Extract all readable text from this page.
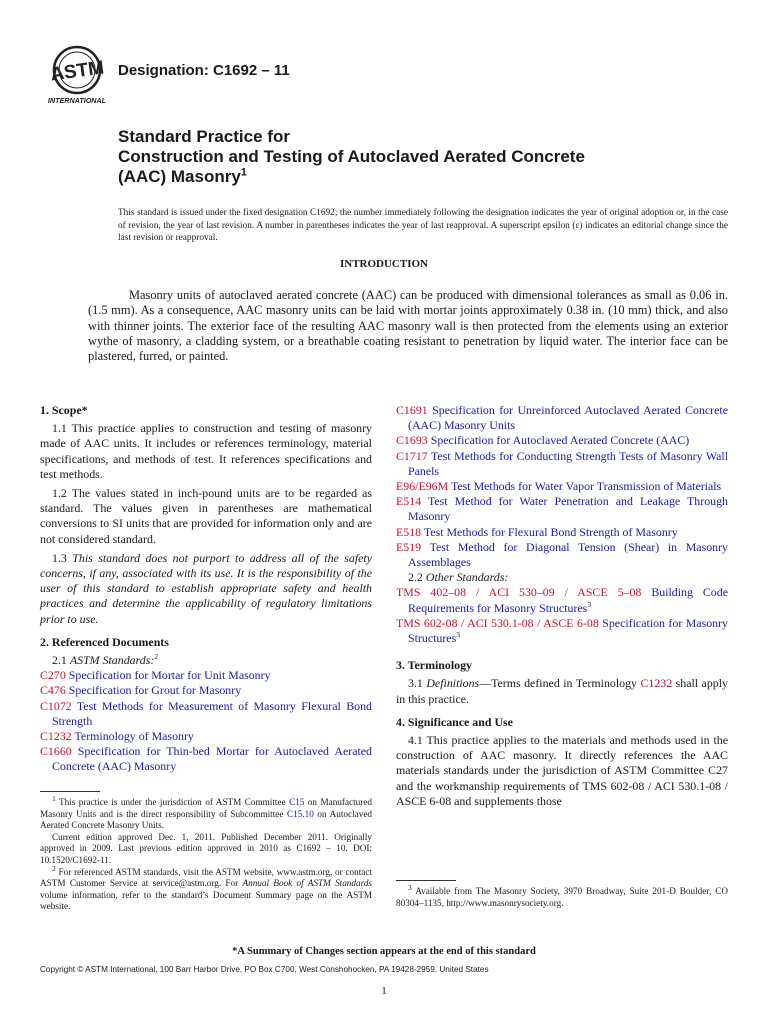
ASTM
INTERNATIONAL
Designation: C1692 – 11
Standard Practice for
Construction and Testing of Autoclaved Aerated Concrete
(AAC) Masonry$^1$
This standard is issued under the fixed designation C1692; the number immediately following the designation indicates the year of original adoption or, in the case of revision, the year of last revision. A number in parentheses indicates the year of last reapproval. A superscript epsilon (ε) indicates an editorial change since the last revision or reapproval.
INTRODUCTION
Masonry units of autoclaved aerated concrete (AAC) can be produced with dimensional tolerances as small as 0.06 in. (1.5 mm). As a consequence, AAC masonry units can be laid with mortar joints approximately 0.38 in. (10 mm) thick, and also with thinner joints. The exterior face of the resulting AAC masonry wall is then protected from the elements using an exterior wythe of masonry, a cladding system, or a breathable coating resistant to penetration by liquid water. The interior face can be plastered, furred, or painted.
1. Scope*

1.1 This practice applies to construction and testing of masonry made of AAC units. It includes or references terminology, material specifications, and methods of test. It references specifications and test methods.

1.2 The values stated in inch-pound units are to be regarded as standard. The values given in parentheses are mathematical conversions to SI units that are provided for information only and are not considered standard.

1.3 This standard does not purport to address all of the safety concerns, if any, associated with its use. It is the responsibility of the user of this standard to establish appropriate safety and health practices and determine the applicability of regulatory limitations prior to use.

2. Referenced Documents

2.1 ASTM Standards:$^2$

C270 Specification for Mortar for Unit Masonry

C476 Specification for Grout for Masonry

C1072 Test Methods for Measurement of Masonry Flexural Bond Strength

C1232 Terminology of Masonry

C1660 Specification for Thin-bed Mortar for Autoclaved Aerated Concrete (AAC) Masonry

$^1$ This practice is under the jurisdiction of ASTM Committee C15 on Manufactured Masonry Units and is the direct responsibility of Subcommittee C15.10 on Autoclaved Aerated Concrete Masonry Units.
Current edition approved Dec. 1, 2011. Published December 2011. Originally approved in 2009. Last previous edition approved in 2010 as C1692 – 10. DOI: 10.1520/C1692-11.
$^2$ For referenced ASTM standards, visit the ASTM website, www.astm.org, or contact ASTM Customer Service at service@astm.org. For Annual Book of ASTM Standards volume information, refer to the standard’s Document Summary page on the ASTM website.

C1691 Specification for Unreinforced Autoclaved Aerated Concrete (AAC) Masonry Units

C1693 Specification for Autoclaved Aerated Concrete (AAC)

C1717 Test Methods for Conducting Strength Tests of Masonry Wall Panels

E96/E96M Test Methods for Water Vapor Transmission of Materials

E514 Test Method for Water Penetration and Leakage Through Masonry

E518 Test Methods for Flexural Bond Strength of Masonry

E519 Test Method for Diagonal Tension (Shear) in Masonry Assemblages

2.2 Other Standards:

TMS 402–08 / ACI 530–09 / ASCE 5–08 Building Code Requirements for Masonry Structures$^3$

TMS 602-08 / ACI 530.1-08 / ASCE 6-08 Specification for Masonry Structures$^3$

3. Terminology

3.1 Definitions—Terms defined in Terminology C1232 shall apply in this practice.

4. Significance and Use

4.1 This practice applies to the materials and methods used in the construction of AAC masonry. It directly references the AAC materials standards under the jurisdiction of ASTM Committee C27 and the workmanship requirements of TMS 602-08 / ACI 530.1-08 / ASCE 6-08 and supplements those

$^3$ Available from The Masonry Society, 3970 Broadway, Suite 201-D Boulder, CO 80304–1135, http://www.masonrysociety.org.
*A Summary of Changes section appears at the end of this standard
Copyright © ASTM International, 100 Barr Harbor Drive, PO Box C700, West Conshohocken, PA 19428-2959. United States
1
